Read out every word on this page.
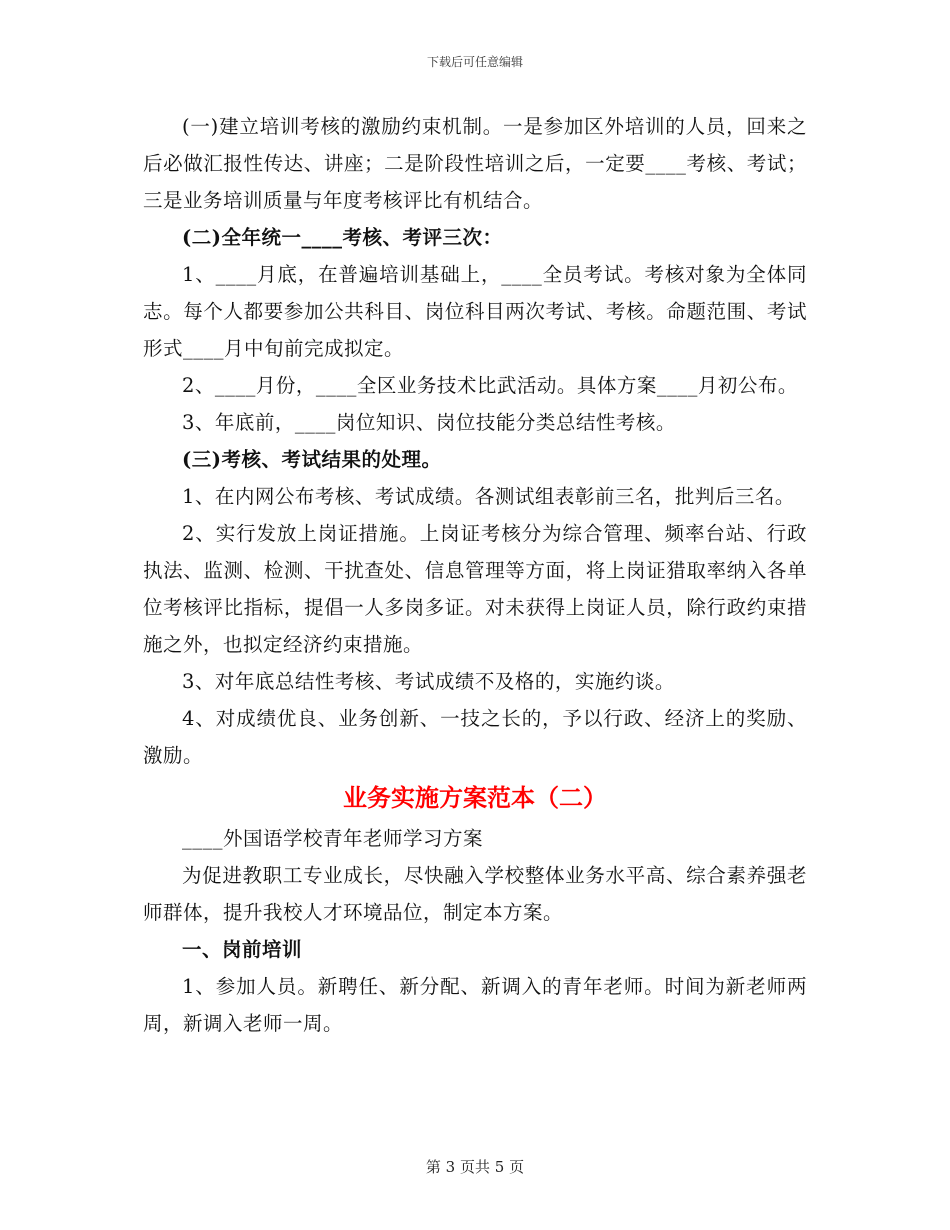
下载后可任意编辑

(一)建立培训考核的激励约束机制。一是参加区外培训的人员，回来之后必做汇报性传达、讲座；二是阶段性培训之后，一定要____考核、考试；三是业务培训质量与年度考核评比有机结合。

(二)全年统一____考核、考评三次：

1、____月底，在普遍培训基础上，____全员考试。考核对象为全体同志。每个人都要参加公共科目、岗位科目两次考试、考核。命题范围、考试形式____月中旬前完成拟定。

2、____月份，____全区业务技术比武活动。具体方案____月初公布。

3、年底前，____岗位知识、岗位技能分类总结性考核。

(三)考核、考试结果的处理。

1、在内网公布考核、考试成绩。各测试组表彰前三名，批判后三名。

2、实行发放上岗证措施。上岗证考核分为综合管理、频率台站、行政执法、监测、检测、干扰查处、信息管理等方面，将上岗证猎取率纳入各单位考核评比指标，提倡一人多岗多证。对未获得上岗证人员，除行政约束措施之外，也拟定经济约束措施。

3、对年底总结性考核、考试成绩不及格的，实施约谈。

4、对成绩优良、业务创新、一技之长的，予以行政、经济上的奖励、激励。

业务实施方案范本（二）

____外国语学校青年老师学习方案

为促进教职工专业成长，尽快融入学校整体业务水平高、综合素养强老师群体，提升我校人才环境品位，制定本方案。

一、岗前培训

1、参加人员。新聘任、新分配、新调入的青年老师。时间为新老师两周，新调入老师一周。

第 3 页共 5 页
